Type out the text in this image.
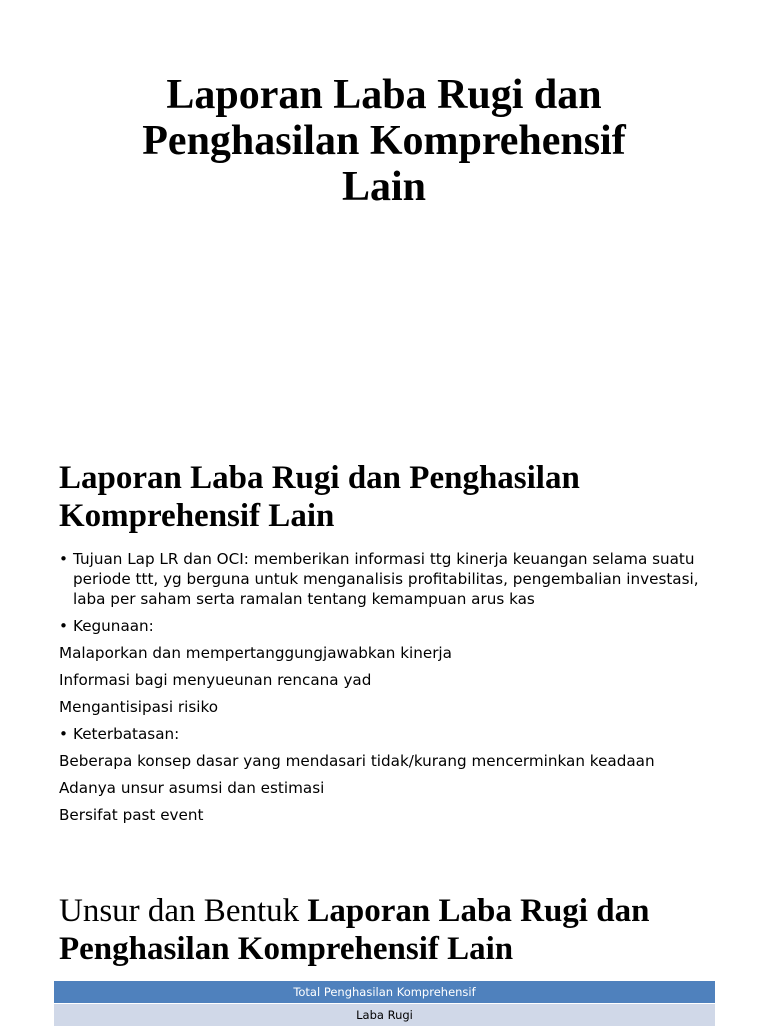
Laporan Laba Rugi dan
Penghasilan Komprehensif
Lain
Laporan Laba Rugi dan Penghasilan
Komprehensif Lain
• Tujuan Lap LR dan OCI: memberikan informasi ttg kinerja keuangan selama suatu
periode ttt, yg berguna untuk menganalisis profitabilitas, pengembalian investasi,
laba per saham serta ramalan tentang kemampuan arus kas
• Kegunaan:
Malaporkan dan mempertanggungjawabkan kinerja
Informasi bagi menyueunan rencana yad
Mengantisipasi risiko
• Keterbatasan:
Beberapa konsep dasar yang mendasari tidak/kurang mencerminkan keadaan
Adanya unsur asumsi dan estimasi
Bersifat past event
Unsur dan Bentuk Laporan Laba Rugi dan
Penghasilan Komprehensif Lain
Total Penghasilan Komprehensif
Laba Rugi
